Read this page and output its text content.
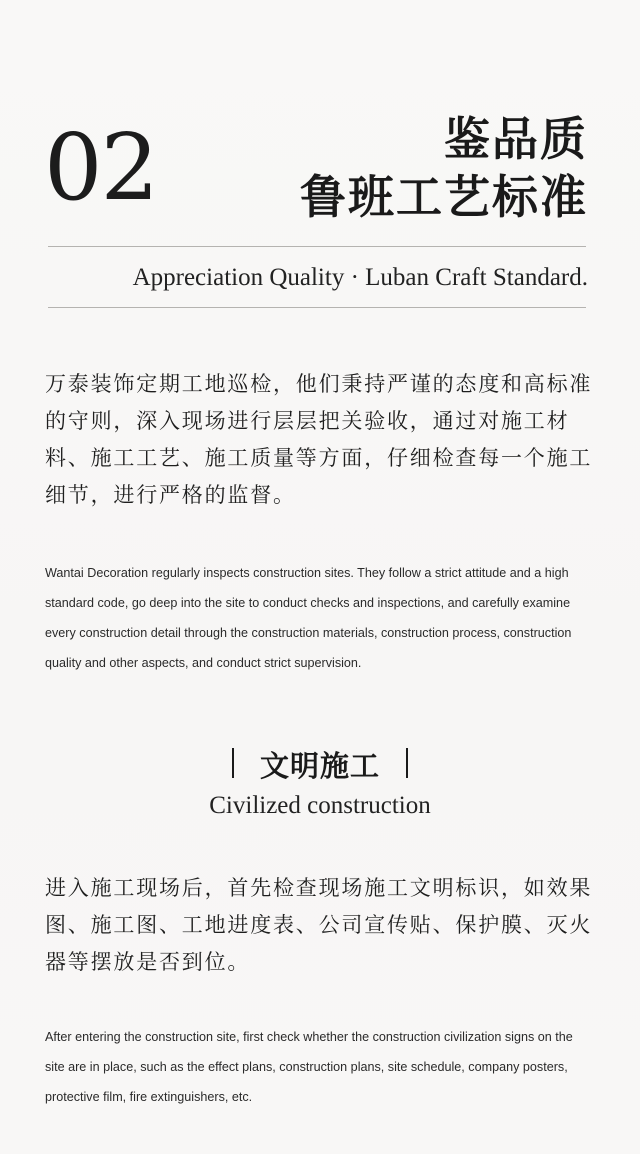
02	鉴品质
鲁班工艺标准
Appreciation Quality · Luban Craft Standard.

万泰装饰定期工地巡检，他们秉持严谨的态度和高标准的守则，深入现场进行层层把关验收，通过对施工材料、施工工艺、施工质量等方面，仔细检查每一个施工细节，进行严格的监督。

Wantai Decoration regularly inspects construction sites. They follow a strict attitude and a high standard code, go deep into the site to conduct checks and inspections, and carefully examine every construction detail through the construction materials, construction process, construction quality and other aspects, and conduct strict supervision.

文明施工
Civilized construction

进入施工现场后，首先检查现场施工文明标识，如效果图、施工图、工地进度表、公司宣传贴、保护膜、灭火器等摆放是否到位。

After entering the construction site, first check whether the construction civilization signs on the site are in place, such as the effect plans, construction plans, site schedule, company posters, protective film, fire extinguishers, etc.
